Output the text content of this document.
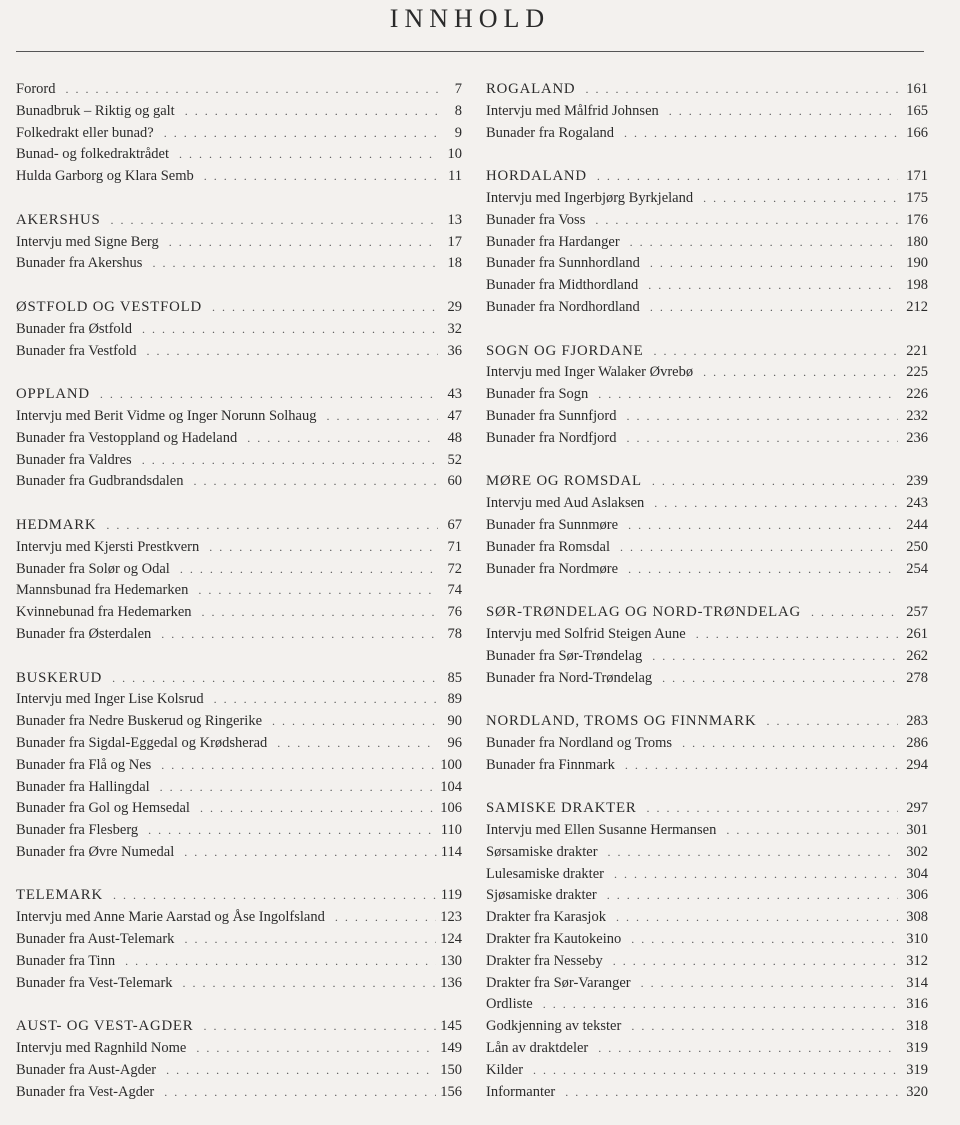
INNHOLD
Forord . . .	7
Bunadbruk – Riktig og galt . . .	8
Folkedrakt eller bunad? . . .	9
Bunad- og folkedraktrådet . . .	10
Hulda Garborg og Klara Semb . . .	11
AKERSHUS . . .	13
Intervju med Signe Berg . . .	17
Bunader fra Akershus . . .	18
ØSTFOLD OG VESTFOLD . . .	29
Bunader fra Østfold . . .	32
Bunader fra Vestfold . . .	36
OPPLAND . . .	43
Intervju med Berit Vidme og Inger Norunn Solhaug . . .	47
Bunader fra Vestoppland og Hadeland . . .	48
Bunader fra Valdres . . .	52
Bunader fra Gudbrandsdalen . . .	60
HEDMARK . . .	67
Intervju med Kjersti Prestkvern . . .	71
Bunader fra Solør og Odal . . .	72
Mannsbunad fra Hedemarken . . .	74
Kvinnebunad fra Hedemarken . . .	76
Bunader fra Østerdalen . . .	78
BUSKERUD . . .	85
Intervju med Inger Lise Kolsrud . . .	89
Bunader fra Nedre Buskerud og Ringerike . . .	90
Bunader fra Sigdal-Eggedal og Krødsherad . . .	96
Bunader fra Flå og Nes . . .	100
Bunader fra Hallingdal . . .	104
Bunader fra Gol og Hemsedal . . .	106
Bunader fra Flesberg . . .	110
Bunader fra Øvre Numedal . . .	114
TELEMARK . . .	119
Intervju med Anne Marie Aarstad og Åse Ingolfsland . . .	123
Bunader fra Aust-Telemark . . .	124
Bunader fra Tinn . . .	130
Bunader fra Vest-Telemark . . .	136
AUST- OG VEST-AGDER . . .	145
Intervju med Ragnhild Nome . . .	149
Bunader fra Aust-Agder . . .	150
Bunader fra Vest-Agder . . .	156
ROGALAND . . .	161
Intervju med Målfrid Johnsen . . .	165
Bunader fra Rogaland . . .	166
HORDALAND . . .	171
Intervju med Ingerbjørg Byrkjeland . . .	175
Bunader fra Voss . . .	176
Bunader fra Hardanger . . .	180
Bunader fra Sunnhordland . . .	190
Bunader fra Midthordland . . .	198
Bunader fra Nordhordland . . .	212
SOGN OG FJORDANE . . .	221
Intervju med Inger Walaker Øvrebø . . .	225
Bunader fra Sogn . . .	226
Bunader fra Sunnfjord . . .	232
Bunader fra Nordfjord . . .	236
MØRE OG ROMSDAL . . .	239
Intervju med Aud Aslaksen . . .	243
Bunader fra Sunnmøre . . .	244
Bunader fra Romsdal . . .	250
Bunader fra Nordmøre . . .	254
SØR-TRØNDELAG OG NORD-TRØNDELAG . . .	257
Intervju med Solfrid Steigen Aune . . .	261
Bunader fra Sør-Trøndelag . . .	262
Bunader fra Nord-Trøndelag . . .	278
NORDLAND, TROMS OG FINNMARK . . .	283
Bunader fra Nordland og Troms . . .	286
Bunader fra Finnmark . . .	294
SAMISKE DRAKTER . . .	297
Intervju med Ellen Susanne Hermansen . . .	301
Sørsamiske drakter . . .	302
Lulesamiske drakter . . .	304
Sjøsamiske drakter . . .	306
Drakter fra Karasjok . . .	308
Drakter fra Kautokeino . . .	310
Drakter fra Nesseby . . .	312
Drakter fra Sør-Varanger . . .	314
Ordliste . . .	316
Godkjenning av tekster . . .	318
Lån av draktdeler . . .	319
Kilder . . .	319
Informanter . . .	320
